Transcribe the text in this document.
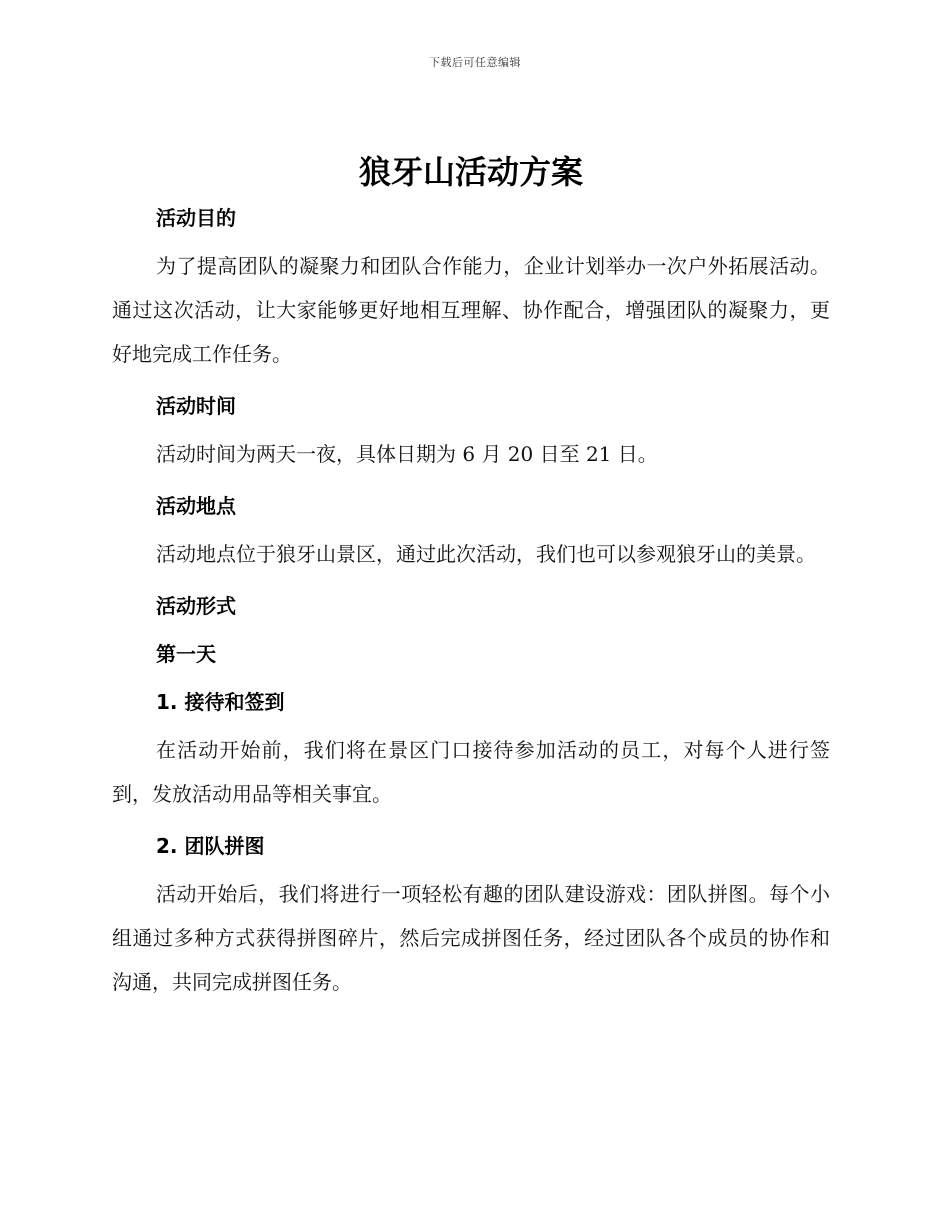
下载后可任意编辑
狼牙山活动方案
活动目的

为了提高团队的凝聚力和团队合作能力，企业计划举办一次户外拓展活动。通过这次活动，让大家能够更好地相互理解、协作配合，增强团队的凝聚力，更好地完成工作任务。

活动时间

活动时间为两天一夜，具体日期为 6 月 20 日至 21 日。

活动地点

活动地点位于狼牙山景区，通过此次活动，我们也可以参观狼牙山的美景。

活动形式
第一天
1. 接待和签到

在活动开始前，我们将在景区门口接待参加活动的员工，对每个人进行签到，发放活动用品等相关事宜。

2. 团队拼图

活动开始后，我们将进行一项轻松有趣的团队建设游戏：团队拼图。每个小组通过多种方式获得拼图碎片，然后完成拼图任务，经过团队各个成员的协作和沟通，共同完成拼图任务。
